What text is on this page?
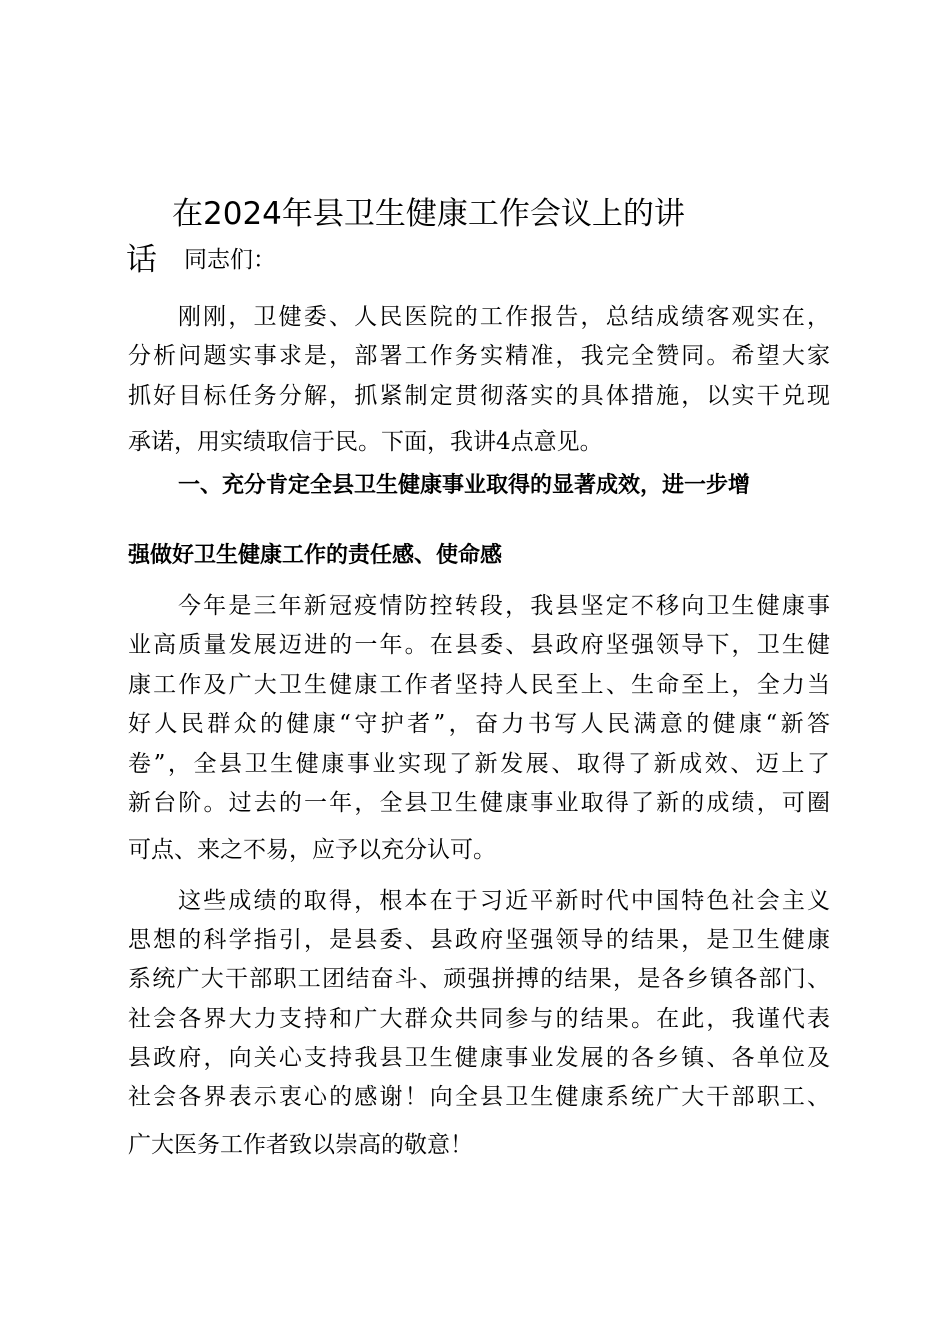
在2024年县卫生健康工作会议上的讲
话 同志们：
刚刚，卫健委、人民医院的工作报告，总结成绩客观实在，
分析问题实事求是，部署工作务实精准，我完全赞同。希望大家
抓好目标任务分解，抓紧制定贯彻落实的具体措施，以实干兑现
承诺，用实绩取信于民。下面，我讲4点意见。
一、充分肯定全县卫生健康事业取得的显著成效，进一步增
强做好卫生健康工作的责任感、使命感
今年是三年新冠疫情防控转段，我县坚定不移向卫生健康事
业高质量发展迈进的一年。在县委、县政府坚强领导下，卫生健
康工作及广大卫生健康工作者坚持人民至上、生命至上，全力当
好人民群众的健康“守护者”，奋力书写人民满意的健康“新答
卷”，全县卫生健康事业实现了新发展、取得了新成效、迈上了
新台阶。过去的一年，全县卫生健康事业取得了新的成绩，可圈
可点、来之不易，应予以充分认可。
这些成绩的取得，根本在于习近平新时代中国特色社会主义
思想的科学指引，是县委、县政府坚强领导的结果，是卫生健康
系统广大干部职工团结奋斗、顽强拼搏的结果，是各乡镇各部门、
社会各界大力支持和广大群众共同参与的结果。在此，我谨代表
县政府，向关心支持我县卫生健康事业发展的各乡镇、各单位及
社会各界表示衷心的感谢！向全县卫生健康系统广大干部职工、
广大医务工作者致以崇高的敬意！
